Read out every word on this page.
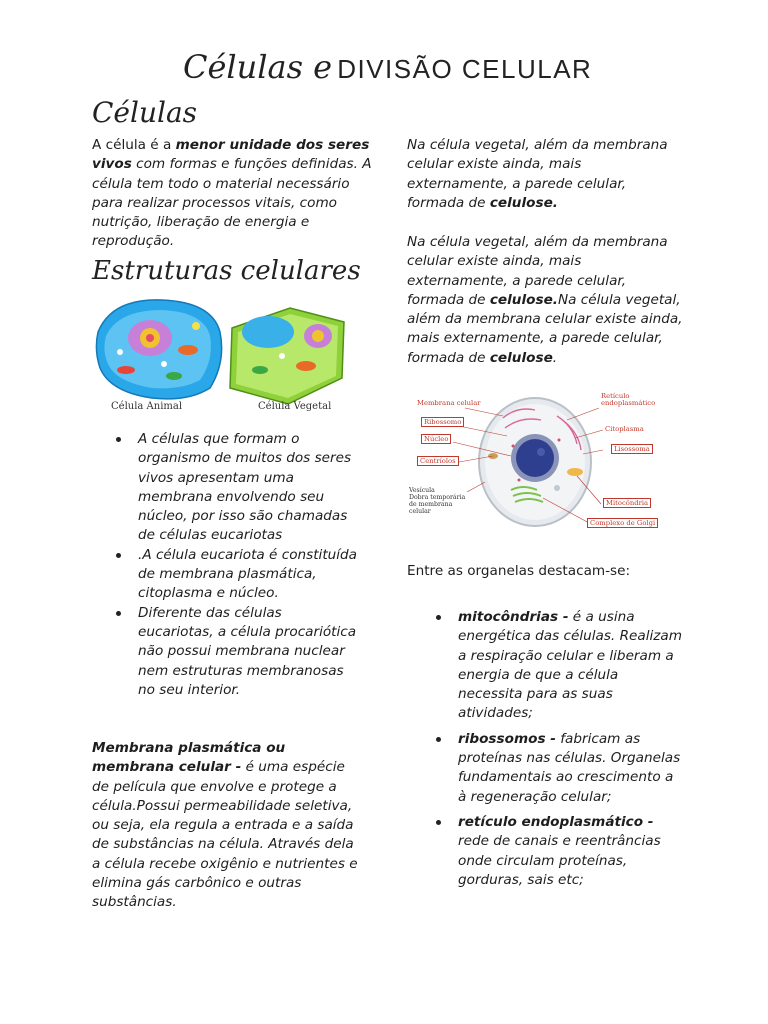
Células e DIVISÃO CELULAR
Células
A célula é a menor unidade dos seres vivos com formas e funções definidas. A célula tem todo o material necessário para realizar processos vitais, como nutrição, liberação de energia e reprodução.
Estruturas celulares
Célula Animal	Célula Vegetal
A células que formam o organismo de muitos dos seres vivos apresentam uma membrana envolvendo seu núcleo, por isso são chamadas de células eucariotas
.A célula eucariota é constituída de membrana plasmática, citoplasma e núcleo.
Diferente das células eucariotas, a célula procariótica não possui membrana nuclear nem estruturas membranosas no seu interior.
Membrana plasmática ou membrana celular - é uma espécie de película que envolve e protege a célula.Possui permeabilidade seletiva, ou seja, ela regula a entrada e a saída de substâncias na célula. Através dela a célula recebe oxigênio e nutrientes e elimina gás carbônico e outras substâncias.
Na célula vegetal, além da membrana celular existe ainda, mais externamente, a parede celular, formada de celulose.
Na célula vegetal, além da membrana celular existe ainda, mais externamente, a parede celular, formada de celulose.Na célula vegetal, além da membrana celular existe ainda, mais externamente, a parede celular, formada de celulose.
Membrana celular
Ribossomo
Núcleo
Centríolos
Vesícula
Dobra temporária de membrana celular
Retículo endoplasmático
Citoplasma
Lisossoma
Mitocôndria
Complexo de Golgi
Entre as organelas destacam-se:
mitocôndrias - é a usina energética das células. Realizam a respiração celular e liberam a energia de que a célula necessita para as suas atividades;
ribossomos - fabricam as proteínas nas células. Organelas fundamentais ao crescimento a à regeneração celular;
retículo endoplasmático - rede de canais e reentrâncias onde circulam proteínas, gorduras, sais etc;
